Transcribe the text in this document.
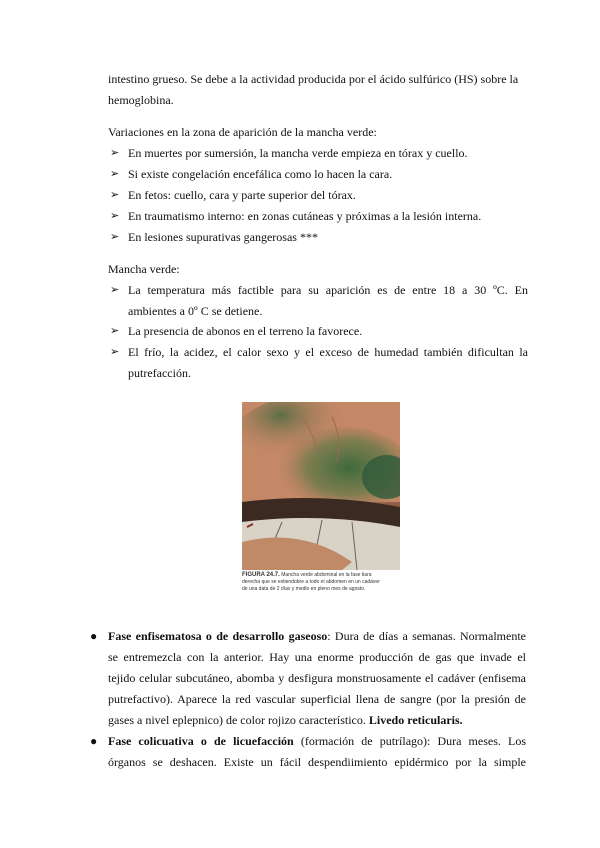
intestino grueso. Se debe a la actividad producida por el ácido sulfúrico (HS) sobre la
hemoglobina.
Variaciones en la zona de aparición de la mancha verde:
➢ En muertes por sumersión, la mancha verde empieza en tórax y cuello.
➢ Si existe congelación encefálica como lo hacen la cara.
➢ En fetos: cuello, cara y parte superior del tórax.
➢ En traumatismo interno: en zonas cutáneas y próximas a la lesión interna.
➢ En lesiones supurativas gangerosas ***
Mancha verde:
➢ La temperatura más factible para su aparición es de entre 18 a 30 ºC. En
ambientes a 0º C se detiene.
➢ La presencia de abonos en el terreno la favorece.
➢ El frío, la acidez, el calor sexo y el exceso de humedad también dificultan la
putrefacción.
FIGURA 24.7. Mancha verde abdominal en la fase tiara
derecha que se extiendobre a todo el abdomen en un cadáver
de una data de 2 días y medio en pleno mes de agosto.
● Fase enfisematosa o de desarrollo gaseoso: Dura de días a semanas. Normalmente
se entremezcla con la anterior. Hay una enorme producción de gas que invade el
tejido celular subcutáneo, abomba y desfigura monstruosamente el cadáver (enfisema
putrefactivo). Aparece la red vascular superficial llena de sangre (por la presión de
gases a nivel eplepnico) de color rojizo característico. Livedo reticularis.
● Fase colicuativa o de licuefacción (formación de putrílago): Dura meses. Los
órganos se deshacen. Existe un fácil despendiimiento epidérmico por la simple
